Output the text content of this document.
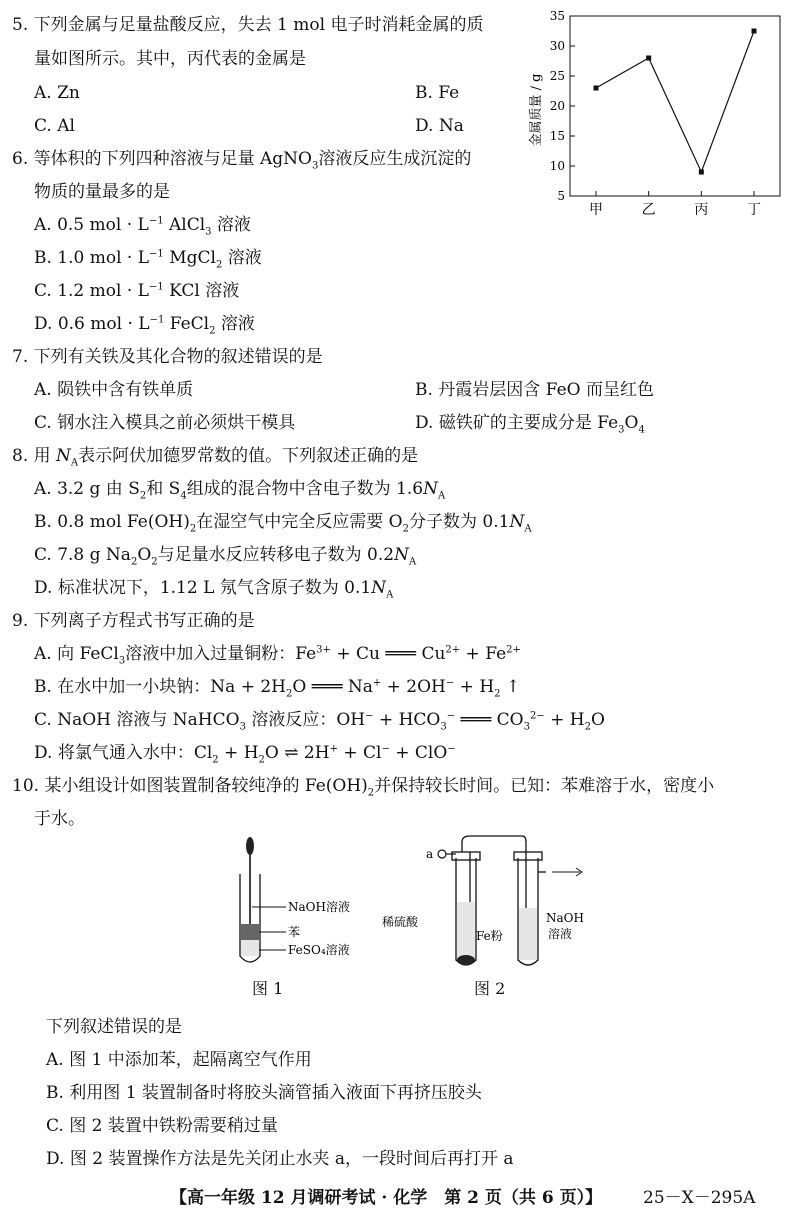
5. 下列金属与足量盐酸反应，失去 1 mol 电子时消耗金属的质
量如图所示。其中，丙代表的金属是
A. Zn	B. Fe
C. Al	D. Na
5
10
15
20
25
30
35
甲	乙	丙	丁
金属质量 / g
6. 等体积的下列四种溶液与足量 AgNO$_3$溶液反应生成沉淀的
物质的量最多的是
A. 0.5 mol · $L^{-1}$ AlCl$_3$ 溶液
B. 1.0 mol · $L^{-1}$ MgCl$_2$ 溶液
C. 1.2 mol · $L^{-1}$ KCl 溶液
D. 0.6 mol · $L^{-1}$ FeCl$_2$ 溶液
7. 下列有关铁及其化合物的叙述错误的是
A. 陨铁中含有铁单质	B. 丹霞岩层因含 FeO 而呈红色
C. 钢水注入模具之前必须烘干模具	D. 磁铁矿的主要成分是 $Fe_3O_4$
8. 用 $N_A$表示阿伏加德罗常数的值。下列叙述正确的是
A. 3.2 g 由 $S_2$和 $S_4$组成的混合物中含电子数为 $1.6N_A$
B. 0.8 mol $Fe(OH)_2$在湿空气中完全反应需要 $O_2$分子数为 $0.1N_A$
C. 7.8 g $Na_2O_2$与足量水反应转移电子数为 $0.2N_A$
D. 标准状况下，1.12 L 氖气含原子数为 $0.1N_A$
9. 下列离子方程式书写正确的是
A. 向 FeCl$_3$溶液中加入过量铜粉：$Fe^{3+} + Cu$ ═══ $Cu^{2+} + Fe^{2+}$
B. 在水中加一小块钠：$Na + 2H_2O$ ═══ $Na^+ + 2OH^- + H_2$ ↑
C. NaOH 溶液与 NaHCO$_3$ 溶液反应：$OH^- + HCO_3^-$ ═══ $CO_3^{2-} + H_2O$
D. 将氯气通入水中：$Cl_2 + H_2O$ ⇌ 2H+ + Cl− + ClO−
10. 某小组设计如图装置制备较纯净的 $Fe(OH)_2$并保持较长时间。已知：苯难溶于水，密度小
于水。
NaOH溶液
苯
FeSO₄溶液
图 1
a
稀硫酸
Fe粉
NaOH
溶液
图 2
下列叙述错误的是
A. 图 1 中添加苯，起隔离空气作用
B. 利用图 1 装置制备时将胶头滴管插入液面下再挤压胶头
C. 图 2 装置中铁粉需要稍过量
D. 图 2 装置操作方法是先关闭止水夹 a，一段时间后再打开 a
【高一年级 12 月调研考试 · 化学　第 2 页（共 6 页）】 25－X－295A
